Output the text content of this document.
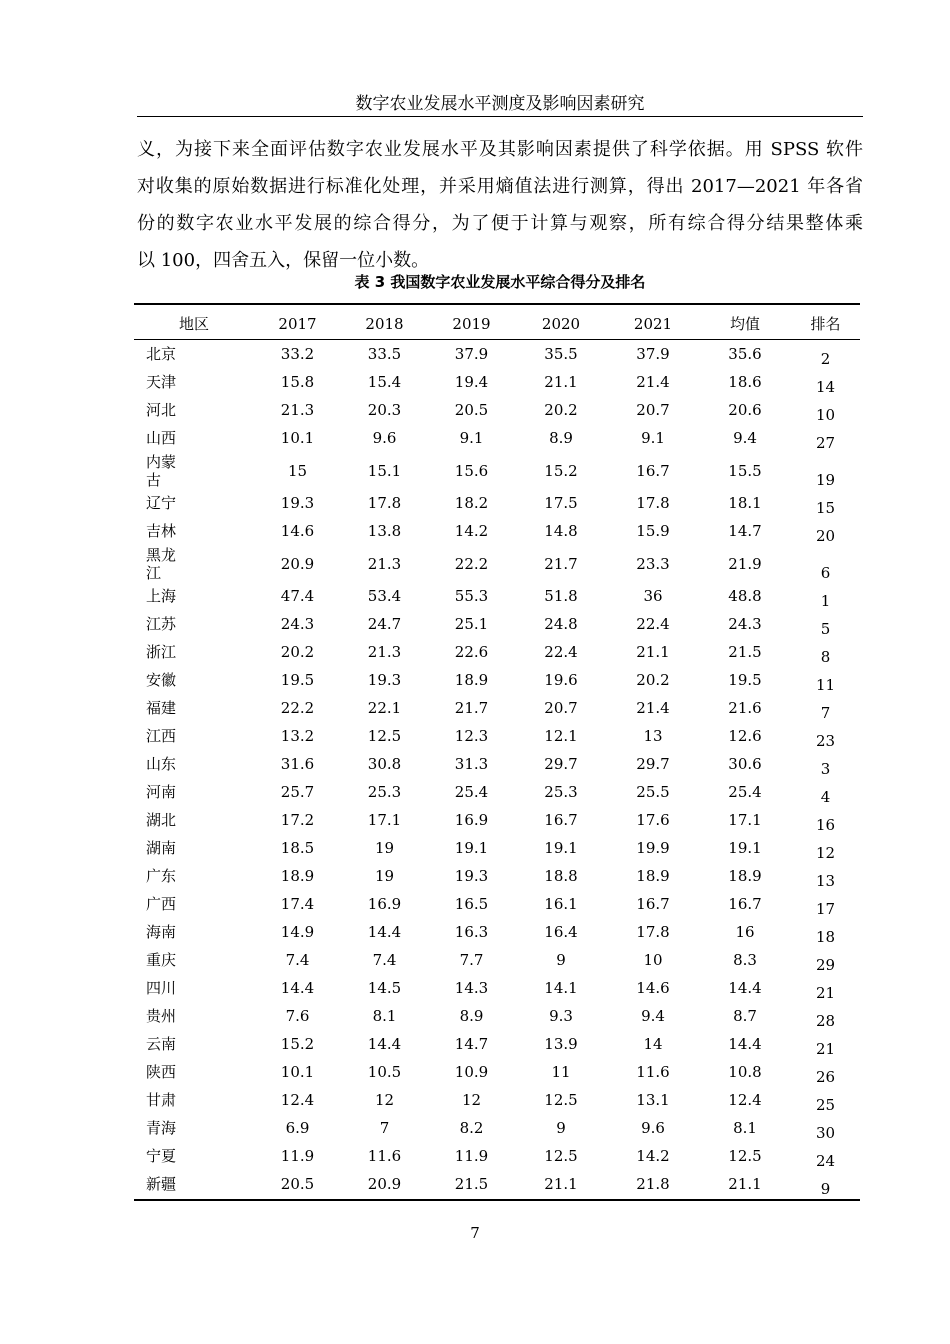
数字农业发展水平测度及影响因素研究
义，为接下来全面评估数字农业发展水平及其影响因素提供了科学依据。用 SPSS 软件
对收集的原始数据进行标准化处理，并采用熵值法进行测算，得出 2017—2021 年各省
份的数字农业水平发展的综合得分，为了便于计算与观察，所有综合得分结果整体乘
以 100，四舍五入，保留一位小数。
表 3 我国数字农业发展水平综合得分及排名
地区	2017	2018	2019	2020	2021	均值	排名
北京	33.2	33.5	37.9	35.5	37.9	35.6	2
天津	15.8	15.4	19.4	21.1	21.4	18.6	14
河北	21.3	20.3	20.5	20.2	20.7	20.6	10
山西	10.1	9.6	9.1	8.9	9.1	9.4	27
内蒙古	15	15.1	15.6	15.2	16.7	15.5	19
辽宁	19.3	17.8	18.2	17.5	17.8	18.1	15
吉林	14.6	13.8	14.2	14.8	15.9	14.7	20
黑龙江	20.9	21.3	22.2	21.7	23.3	21.9	6
上海	47.4	53.4	55.3	51.8	36	48.8	1
江苏	24.3	24.7	25.1	24.8	22.4	24.3	5
浙江	20.2	21.3	22.6	22.4	21.1	21.5	8
安徽	19.5	19.3	18.9	19.6	20.2	19.5	11
福建	22.2	22.1	21.7	20.7	21.4	21.6	7
江西	13.2	12.5	12.3	12.1	13	12.6	23
山东	31.6	30.8	31.3	29.7	29.7	30.6	3
河南	25.7	25.3	25.4	25.3	25.5	25.4	4
湖北	17.2	17.1	16.9	16.7	17.6	17.1	16
湖南	18.5	19	19.1	19.1	19.9	19.1	12
广东	18.9	19	19.3	18.8	18.9	18.9	13
广西	17.4	16.9	16.5	16.1	16.7	16.7	17
海南	14.9	14.4	16.3	16.4	17.8	16	18
重庆	7.4	7.4	7.7	9	10	8.3	29
四川	14.4	14.5	14.3	14.1	14.6	14.4	21
贵州	7.6	8.1	8.9	9.3	9.4	8.7	28
云南	15.2	14.4	14.7	13.9	14	14.4	21
陕西	10.1	10.5	10.9	11	11.6	10.8	26
甘肃	12.4	12	12	12.5	13.1	12.4	25
青海	6.9	7	8.2	9	9.6	8.1	30
宁夏	11.9	11.6	11.9	12.5	14.2	12.5	24
新疆	20.5	20.9	21.5	21.1	21.8	21.1	9
7
